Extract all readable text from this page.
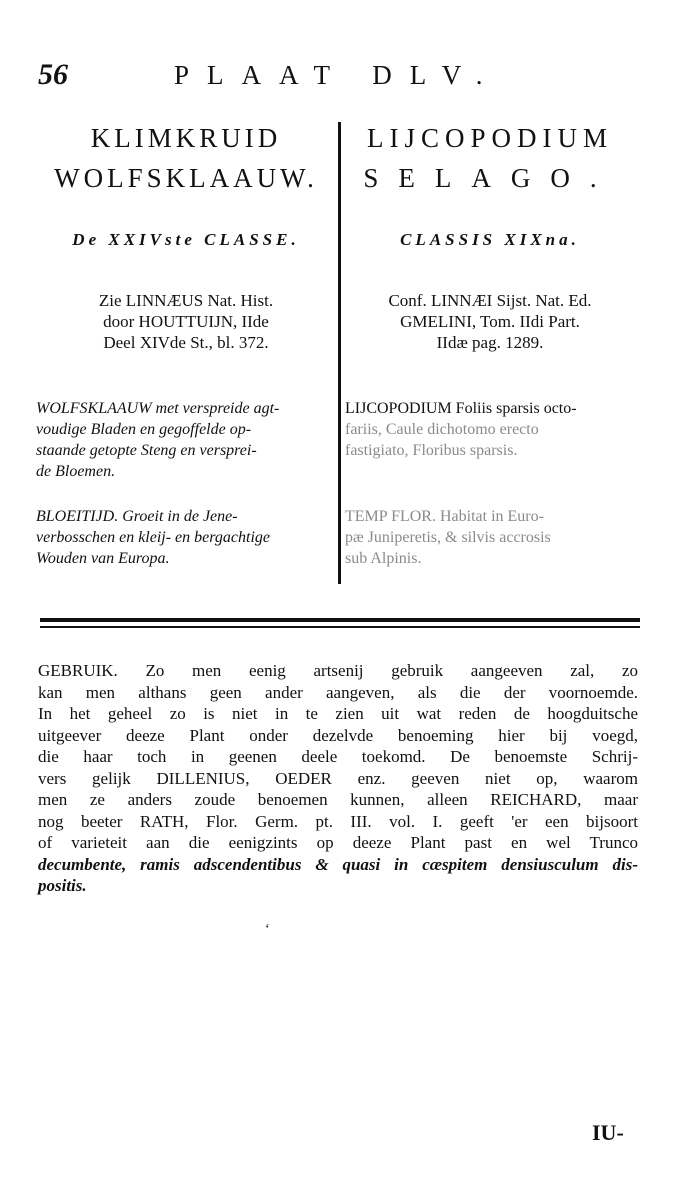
56	PLAAT DLV.
KLIMKRUID
WOLFSKLAAUW.
De XXIVste CLASSE.
Zie LINNÆUS Nat. Hist.
door HOUTTUIJN, IIde
Deel XIVde St., bl. 372.
WOLFSKLAAUW met verspreide agt-
voudige Bladen en gegoffelde op-
staande getopte Steng en versprei-
de Bloemen.
BLOEITIJD. Groeit in de Jene-
verbosschen en kleij- en bergachtige
Wouden van Europa.
LIJCOPODIUM
SELAGO.
CLASSIS XIXna.
Conf. LINNÆI Sijst. Nat. Ed.
GMELINI, Tom. IIdi Part.
IIdæ pag. 1289.
LIJCOPODIUM Foliis sparsis octo-
fariis, Caule dichotomo erecto
fastigiato, Floribus sparsis.
TEMP FLOR. Habitat in Euro-
pæ Juniperetis, & silvis accrosis
sub Alpinis.
GEBRUIK. Zo men eenig artsenij gebruik aangeeven zal, zo
kan men althans geen ander aangeven, als die der voornoemde.
In het geheel zo is niet in te zien uit wat reden de hoogduitsche
uitgeever deeze Plant onder dezelvde benoeming hier bij voegd,
die haar toch in geenen deele toekomd. De benoemste Schrij-
vers gelijk DILLENIUS, OEDER enz. geeven niet op, waarom
men ze anders zoude benoemen kunnen, alleen REICHARD, maar
nog beeter RATH, Flor. Germ. pt. III. vol. I. geeft 'er een bijsoort
of varieteit aan die eenigzints op deeze Plant past en wel Trunco
decumbente, ramis adscendentibus & quasi in cæspitem densiusculum dis-
positis.
‘
IU-
